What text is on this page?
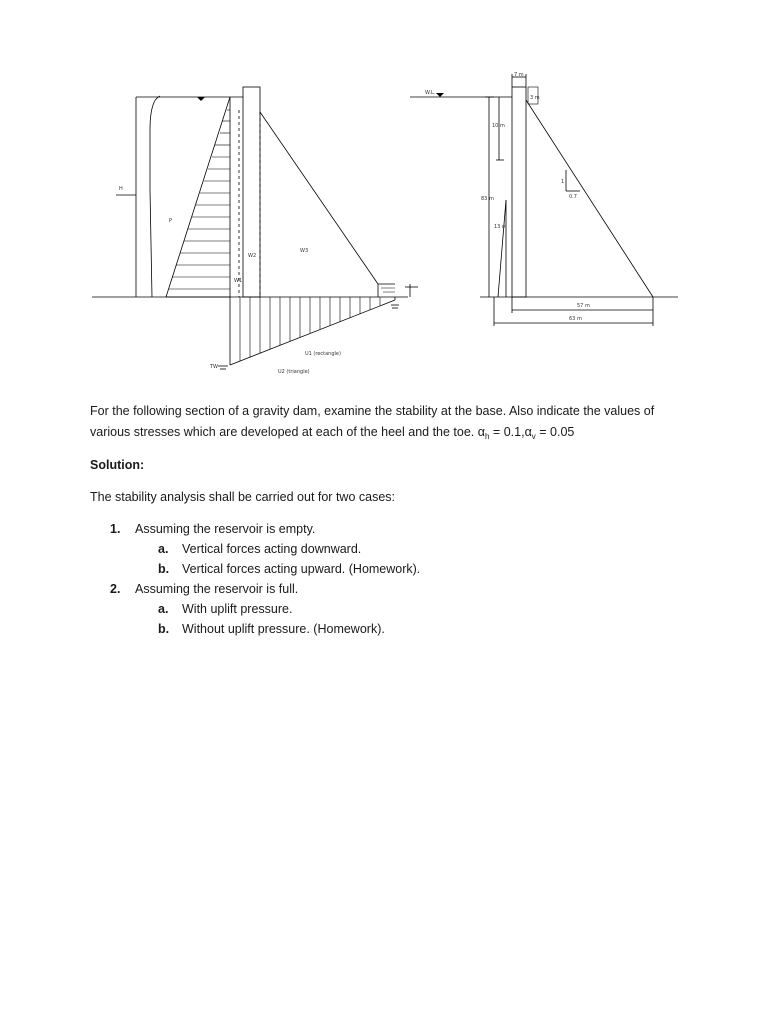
W2
W1
W3
U1 (rectangle)
U2 (triangle)
H
P
TW
7 m
3 m
W.L.
83 m
10 m
13 m
1
0.7
57 m
63 m
For the following section of a gravity dam, examine the stability at the base. Also indicate the values of various stresses which are developed at each of the heel and the toe. $\alpha_h = 0.1,\alpha_v = 0.05$
Solution:
The stability analysis shall be carried out for two cases:
1. Assuming the reservoir is empty.
a. Vertical forces acting downward.
b. Vertical forces acting upward. (Homework).
2. Assuming the reservoir is full.
a. With uplift pressure.
b. Without uplift pressure. (Homework).
